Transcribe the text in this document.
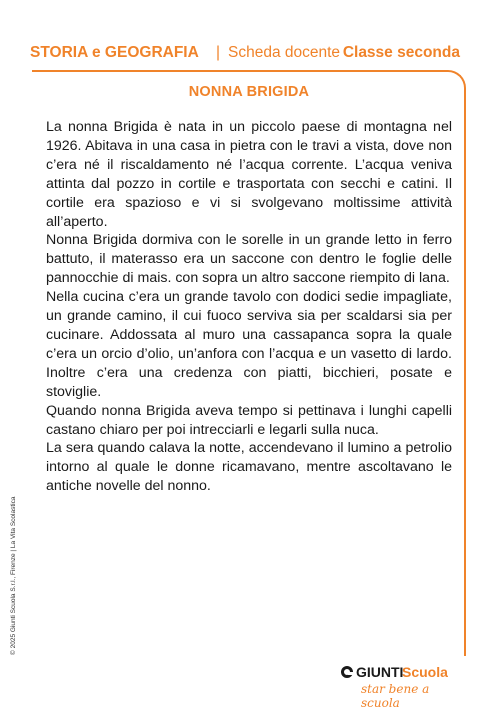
STORIA e GEOGRAFIA | Scheda docente Classe seconda
NONNA BRIGIDA

La nonna Brigida è nata in un piccolo paese di montagna nel 1926. Abitava in una casa in pietra con le travi a vista, dove non c’era né il riscaldamento né l’acqua corrente. L’acqua veniva attinta dal pozzo in cortile e trasportata con secchi e catini. Il cortile era spazioso e vi si svolgevano moltissime attività all’aperto.

Nonna Brigida dormiva con le sorelle in un grande letto in ferro battuto, il materasso era un saccone con dentro le foglie delle pannocchie di mais. con sopra un altro saccone riempito di lana.

Nella cucina c’era un grande tavolo con dodici sedie impagliate, un grande camino, il cui fuoco serviva sia per scaldarsi sia per cucinare. Addossata al muro una cassapanca sopra la quale c’era un orcio d’olio, un’anfora con l’acqua e un vasetto di lardo. Inoltre c’era una credenza con piatti, bicchieri, posate e stoviglie.

Quando nonna Brigida aveva tempo si pettinava i lunghi capelli castano chiaro per poi intrecciarli e legarli sulla nuca.

La sera quando calava la notte, accendevano il lumino a petrolio intorno al quale le donne ricamavano, mentre ascoltavano le antiche novelle del nonno.

© 2025 Giunti Scuola S.r.l., Firenze | La Vita Scolastica
GIUNTI
Scuola
star bene a scuola
